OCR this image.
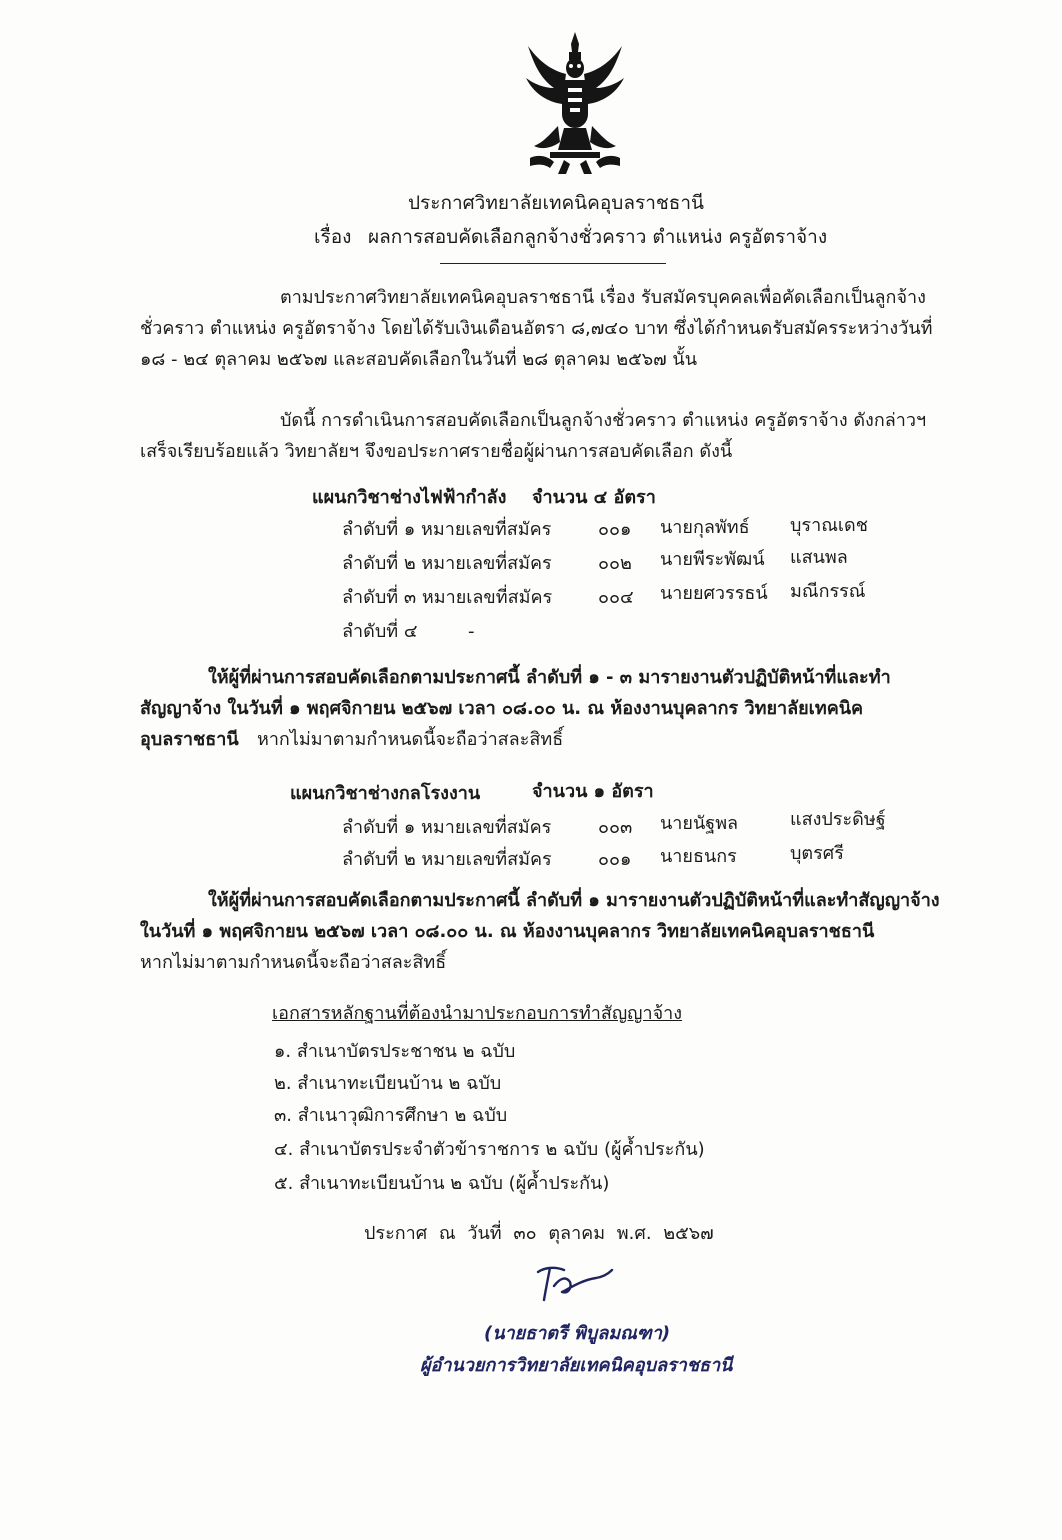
ประกาศวิทยาลัยเทคนิคอุบลราชธานี
เรื่อง ผลการสอบคัดเลือกลูกจ้างชั่วคราว ตำแหน่ง ครูอัตราจ้าง
ตามประกาศวิทยาลัยเทคนิคอุบลราชธานี เรื่อง รับสมัครบุคคลเพื่อคัดเลือกเป็นลูกจ้าง
ชั่วคราว ตำแหน่ง ครูอัตราจ้าง โดยได้รับเงินเดือนอัตรา ๘,๗๔๐ บาท ซึ่งได้กำหนดรับสมัครระหว่างวันที่
๑๘ - ๒๔ ตุลาคม ๒๕๖๗ และสอบคัดเลือกในวันที่ ๒๘ ตุลาคม ๒๕๖๗ นั้น
บัดนี้ การดำเนินการสอบคัดเลือกเป็นลูกจ้างชั่วคราว ตำแหน่ง ครูอัตราจ้าง ดังกล่าวฯ
เสร็จเรียบร้อยแล้ว วิทยาลัยฯ จึงขอประกาศรายชื่อผู้ผ่านการสอบคัดเลือก ดังนี้
แผนกวิชาช่างไฟฟ้ากำลัง จำนวน ๔ อัตรา
ลำดับที่ ๑ หมายเลขที่สมัคร	๐๐๑ นายกุลพัทธ์ บุราณเดช
ลำดับที่ ๒ หมายเลขที่สมัคร	๐๐๒ นายพีระพัฒน์ แสนพล
ลำดับที่ ๓ หมายเลขที่สมัคร	๐๐๔ นายยศวรรธน์ มณีกรรณ์
ลำดับที่ ๔	-
ให้ผู้ที่ผ่านการสอบคัดเลือกตามประกาศนี้ ลำดับที่ ๑ - ๓ มารายงานตัวปฏิบัติหน้าที่และทำ
สัญญาจ้าง ในวันที่ ๑ พฤศจิกายน ๒๕๖๗ เวลา ๐๘.๐๐ น. ณ ห้องงานบุคลากร วิทยาลัยเทคนิค
อุบลราชธานี หากไม่มาตามกำหนดนี้จะถือว่าสละสิทธิ์
แผนกวิชาช่างกลโรงงาน	จำนวน ๑ อัตรา
ลำดับที่ ๑ หมายเลขที่สมัคร	๐๐๓ นายนัฐพล	แสงประดิษฐ์
ลำดับที่ ๒ หมายเลขที่สมัคร	๐๐๑ นายธนกร	บุตรศรี
ให้ผู้ที่ผ่านการสอบคัดเลือกตามประกาศนี้ ลำดับที่ ๑ มารายงานตัวปฏิบัติหน้าที่และทำสัญญาจ้าง
ในวันที่ ๑ พฤศจิกายน ๒๕๖๗ เวลา ๐๘.๐๐ น. ณ ห้องงานบุคลากร วิทยาลัยเทคนิคอุบลราชธานี
หากไม่มาตามกำหนดนี้จะถือว่าสละสิทธิ์
เอกสารหลักฐานที่ต้องนำมาประกอบการทำสัญญาจ้าง
๑. สำเนาบัตรประชาชน ๒ ฉบับ
๒. สำเนาทะเบียนบ้าน ๒ ฉบับ
๓. สำเนาวุฒิการศึกษา ๒ ฉบับ
๔. สำเนาบัตรประจำตัวข้าราชการ ๒ ฉบับ (ผู้ค้ำประกัน)
๕. สำเนาทะเบียนบ้าน ๒ ฉบับ (ผู้ค้ำประกัน)
ประกาศ ณ วันที่ ๓๐ ตุลาคม พ.ศ. ๒๕๖๗
(นายธาตรี พิบูลมณฑา)
ผู้อำนวยการวิทยาลัยเทคนิคอุบลราชธานี
